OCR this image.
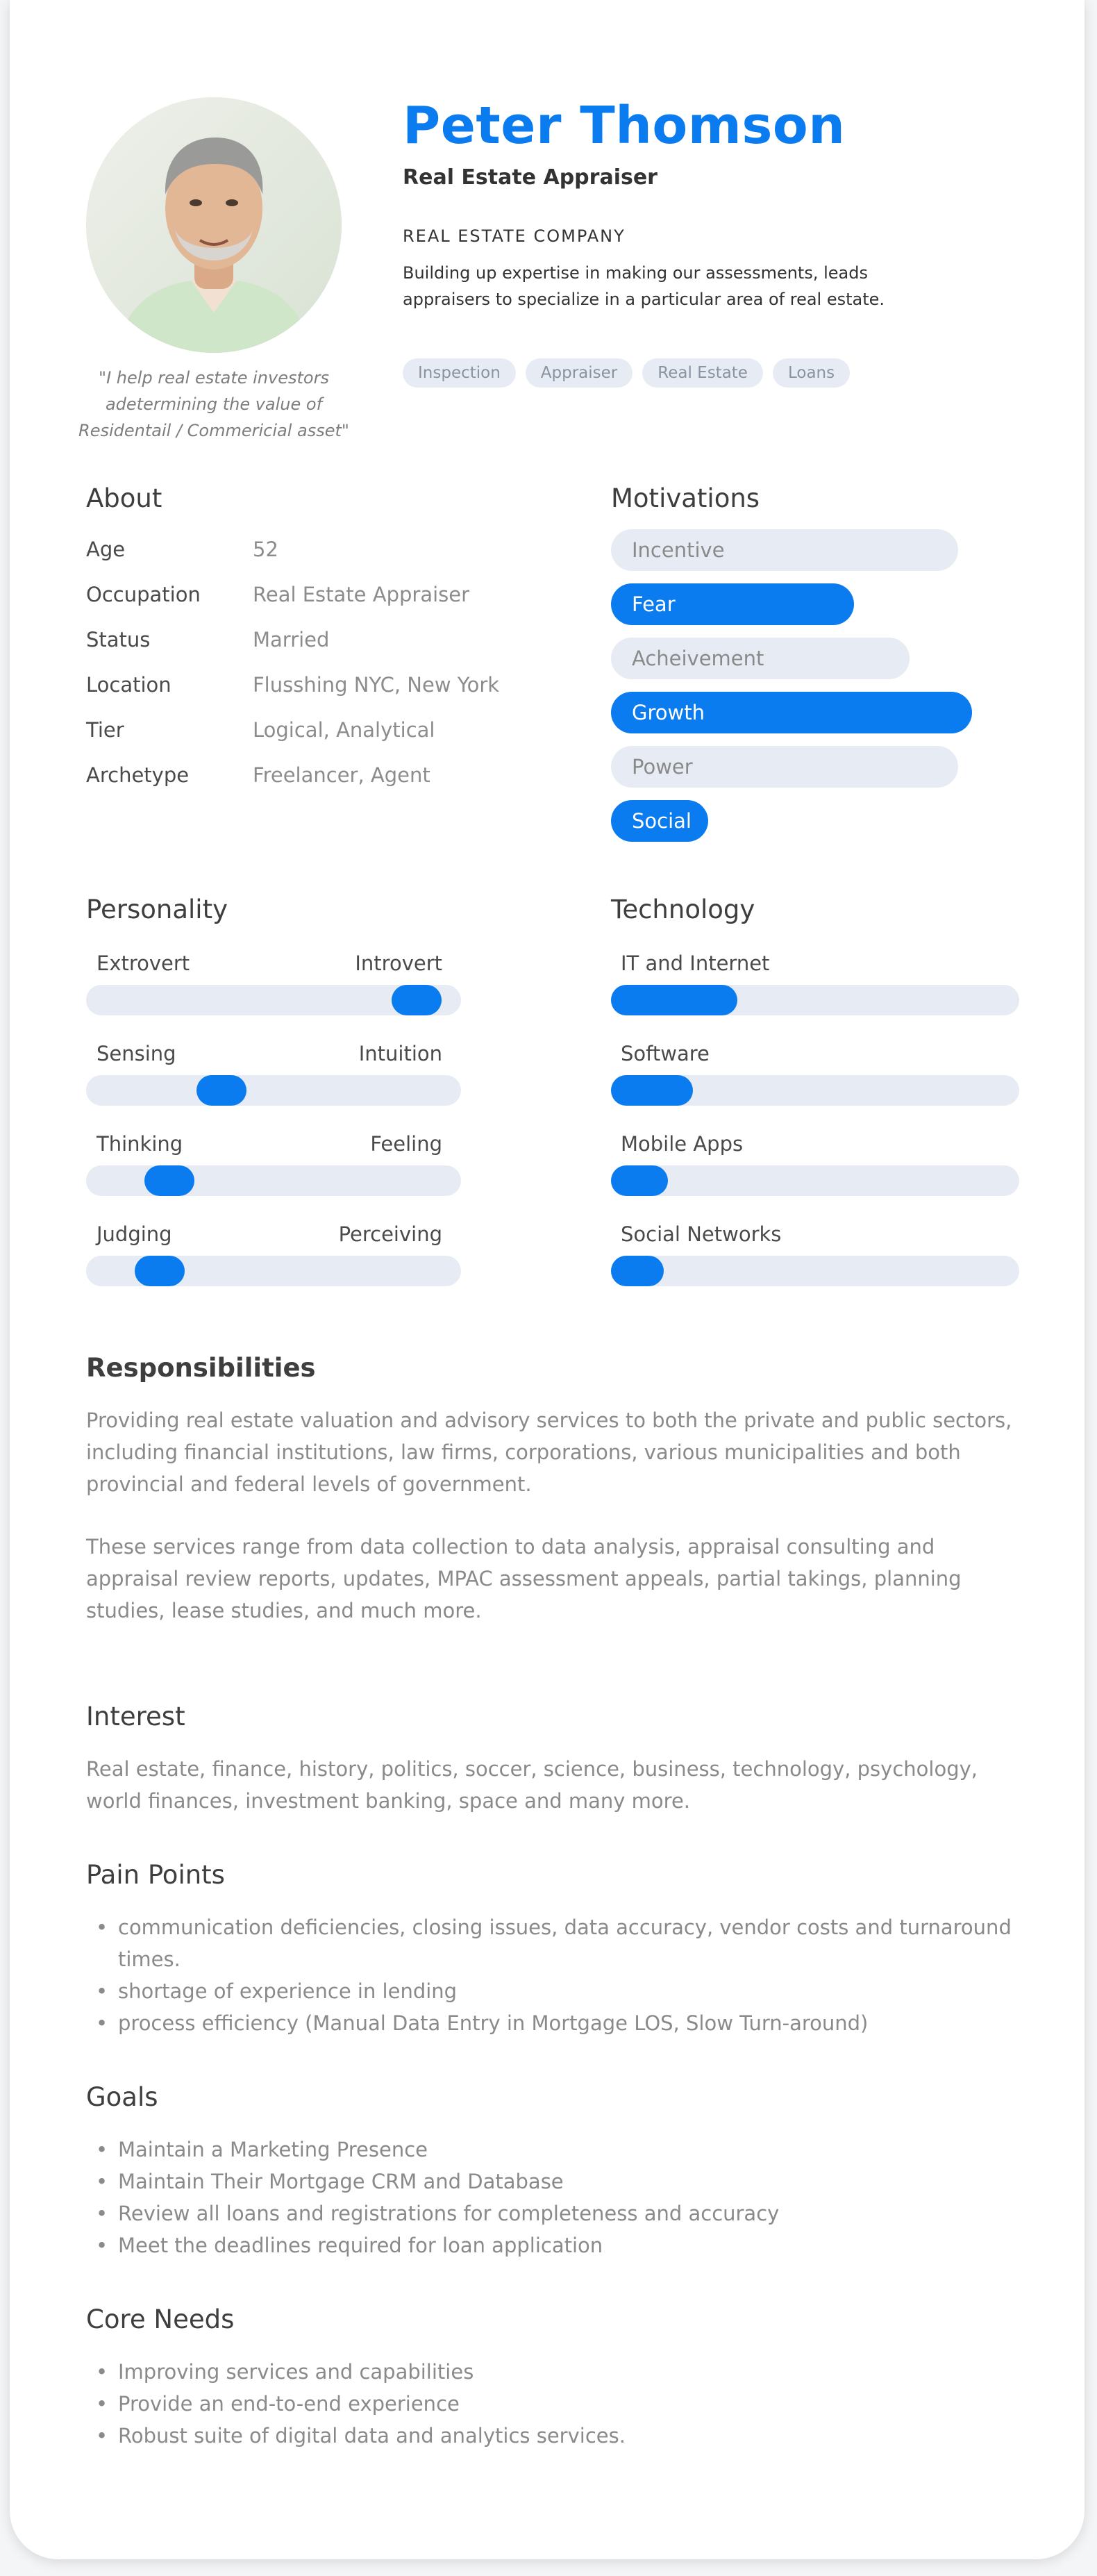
"I help real estate investors adetermining the value of Residentail / Commericial asset"
Peter Thomson
Real Estate Appraiser
REAL ESTATE COMPANY
Building up expertise in making our assessments, leads appraisers to specialize in a particular area of real estate.
Inspection	Appraiser	Real Estate	Loans
About
Age	52
Occupation	Real Estate Appraiser
Status	Married
Location	Flusshing NYC, New York
Tier	Logical, Analytical
Archetype	Freelancer, Agent
Motivations
Incentive
Fear
Acheivement
Growth
Power
Social
Personality
Extrovert	Introvert
Sensing	Intuition
Thinking	Feeling
Judging	Perceiving
Technology
IT and Internet
Software
Mobile Apps
Social Networks
Responsibilities
Providing real estate valuation and advisory services to both the private and public sectors, including financial institutions, law firms, corporations, various municipalities and both provincial and federal levels of government.
These services range from data collection to data analysis, appraisal consulting and appraisal review reports, updates, MPAC assessment appeals, partial takings, planning studies, lease studies, and much more.
Interest
Real estate, finance, history, politics, soccer, science, business, technology, psychology, world finances, investment banking, space and many more.
Pain Points
• communication deficiencies, closing issues, data accuracy, vendor costs and turnaround times.
• shortage of experience in lending
• process efficiency (Manual Data Entry in Mortgage LOS, Slow Turn-around)
Goals
• Maintain a Marketing Presence
• Maintain Their Mortgage CRM and Database
• Review all loans and registrations for completeness and accuracy
• Meet the deadlines required for loan application
Core Needs
• Improving services and capabilities
• Provide an end-to-end experience
• Robust suite of digital data and analytics services.
